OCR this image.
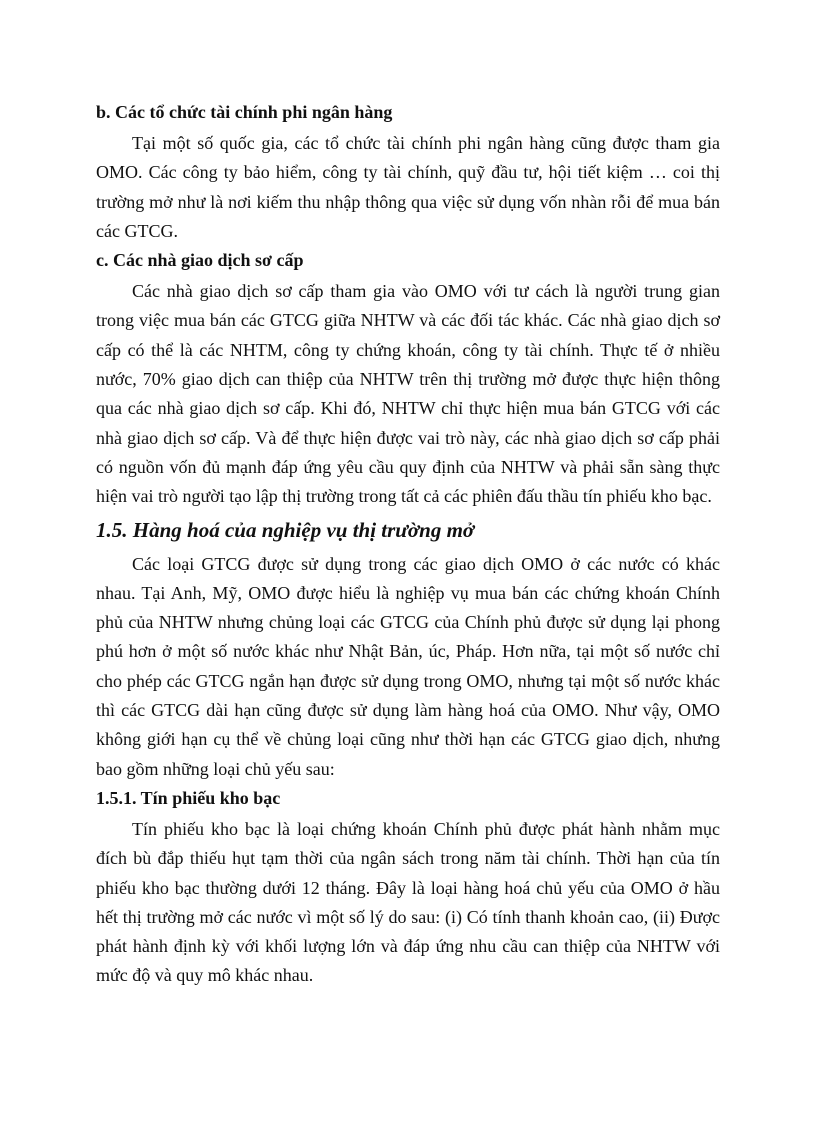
b. Các tổ chức tài chính phi ngân hàng

Tại một số quốc gia, các tổ chức tài chính phi ngân hàng cũng được tham gia OMO. Các công ty bảo hiểm, công ty tài chính, quỹ đầu tư, hội tiết kiệm … coi thị trường mở như là nơi kiếm thu nhập thông qua việc sử dụng vốn nhàn rỗi để mua bán các GTCG.

c. Các nhà giao dịch sơ cấp

Các nhà giao dịch sơ cấp tham gia vào OMO với tư cách là người trung gian trong việc mua bán các GTCG giữa NHTW và các đối tác khác. Các nhà giao dịch sơ cấp có thể là các NHTM, công ty chứng khoán, công ty tài chính. Thực tế ở nhiều nước, 70% giao dịch can thiệp của NHTW trên thị trường mở được thực hiện thông qua các nhà giao dịch sơ cấp. Khi đó, NHTW chỉ thực hiện mua bán GTCG với các nhà giao dịch sơ cấp. Và để thực hiện được vai trò này, các nhà giao dịch sơ cấp phải có nguồn vốn đủ mạnh đáp ứng yêu cầu quy định của NHTW và phải sẵn sàng thực hiện vai trò người tạo lập thị trường trong tất cả các phiên đấu thầu tín phiếu kho bạc.

1.5. Hàng hoá của nghiệp vụ thị trường mở

Các loại GTCG được sử dụng trong các giao dịch OMO ở các nước có khác nhau. Tại Anh, Mỹ, OMO được hiểu là nghiệp vụ mua bán các chứng khoán Chính phủ của NHTW nhưng chủng loại các GTCG của Chính phủ được sử dụng lại phong phú hơn ở một số nước khác như Nhật Bản, úc, Pháp. Hơn nữa, tại một số nước chỉ cho phép các GTCG ngắn hạn được sử dụng trong OMO, nhưng tại một số nước khác thì các GTCG dài hạn cũng được sử dụng làm hàng hoá của OMO. Như vậy, OMO không giới hạn cụ thể về chủng loại cũng như thời hạn các GTCG giao dịch, nhưng bao gồm những loại chủ yếu sau:

1.5.1. Tín phiếu kho bạc

Tín phiếu kho bạc là loại chứng khoán Chính phủ được phát hành nhằm mục đích bù đắp thiếu hụt tạm thời của ngân sách trong năm tài chính. Thời hạn của tín phiếu kho bạc thường dưới 12 tháng. Đây là loại hàng hoá chủ yếu của OMO ở hầu hết thị trường mở các nước vì một số lý do sau: (i) Có tính thanh khoản cao, (ii) Được phát hành định kỳ với khối lượng lớn và đáp ứng nhu cầu can thiệp của NHTW với mức độ và quy mô khác nhau.
